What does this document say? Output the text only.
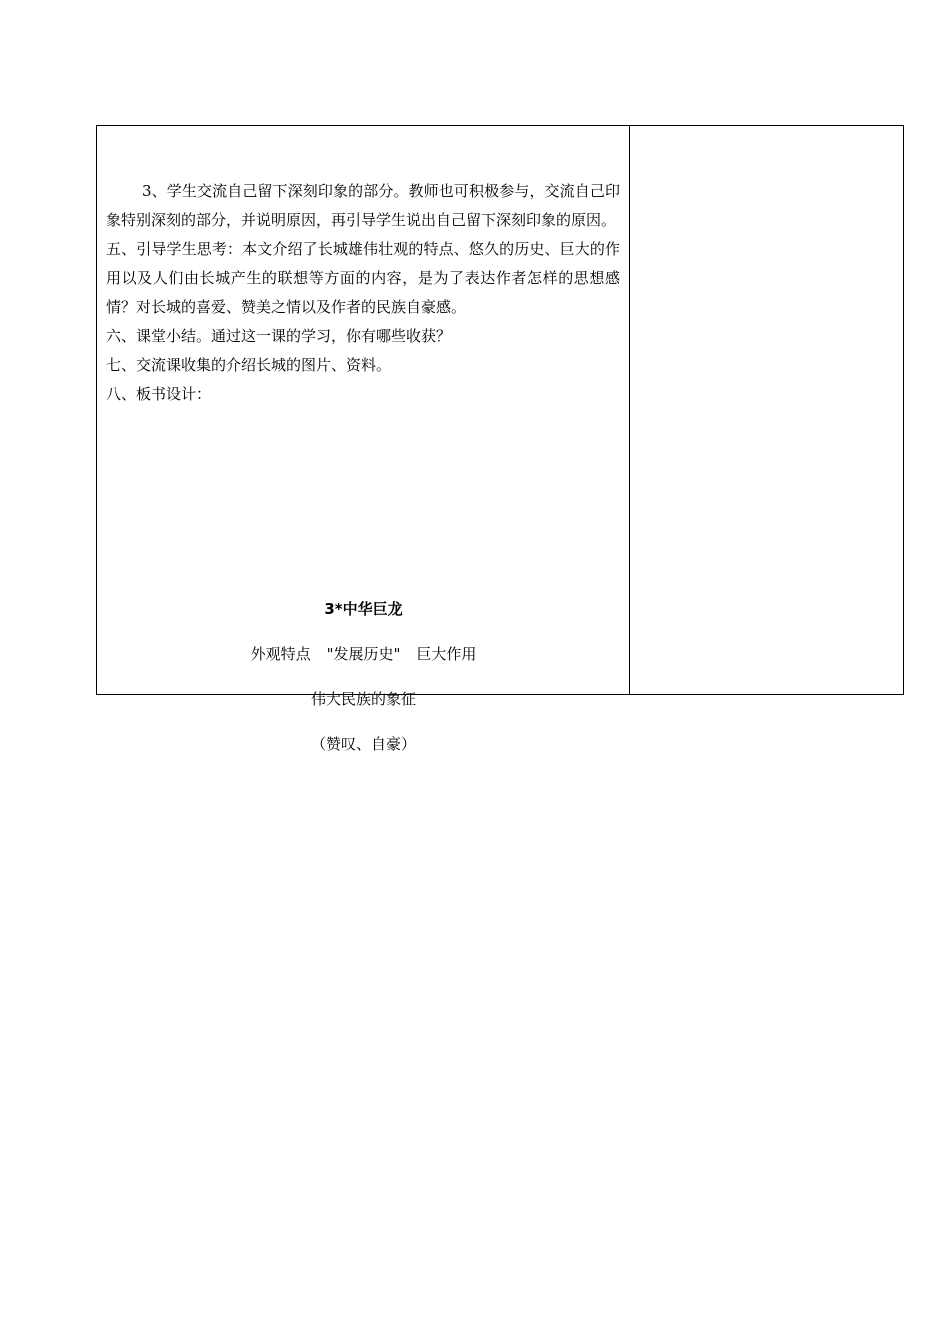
3、学生交流自己留下深刻印象的部分。教师也可积极参与，交流自己印象特别深刻的部分，并说明原因，再引导学生说出自己留下深刻印象的原因。

五、引导学生思考：本文介绍了长城雄伟壮观的特点、悠久的历史、巨大的作用以及人们由长城产生的联想等方面的内容，是为了表达作者怎样的思想感情？对长城的喜爱、赞美之情以及作者的民族自豪感。

六、课堂小结。通过这一课的学习，你有哪些收获？

七、交流课收集的介绍长城的图片、资料。

八、板书设计：

3*中华巨龙
外观特点 "发展历史" 巨大作用
伟大民族的象征
（赞叹、自豪）
